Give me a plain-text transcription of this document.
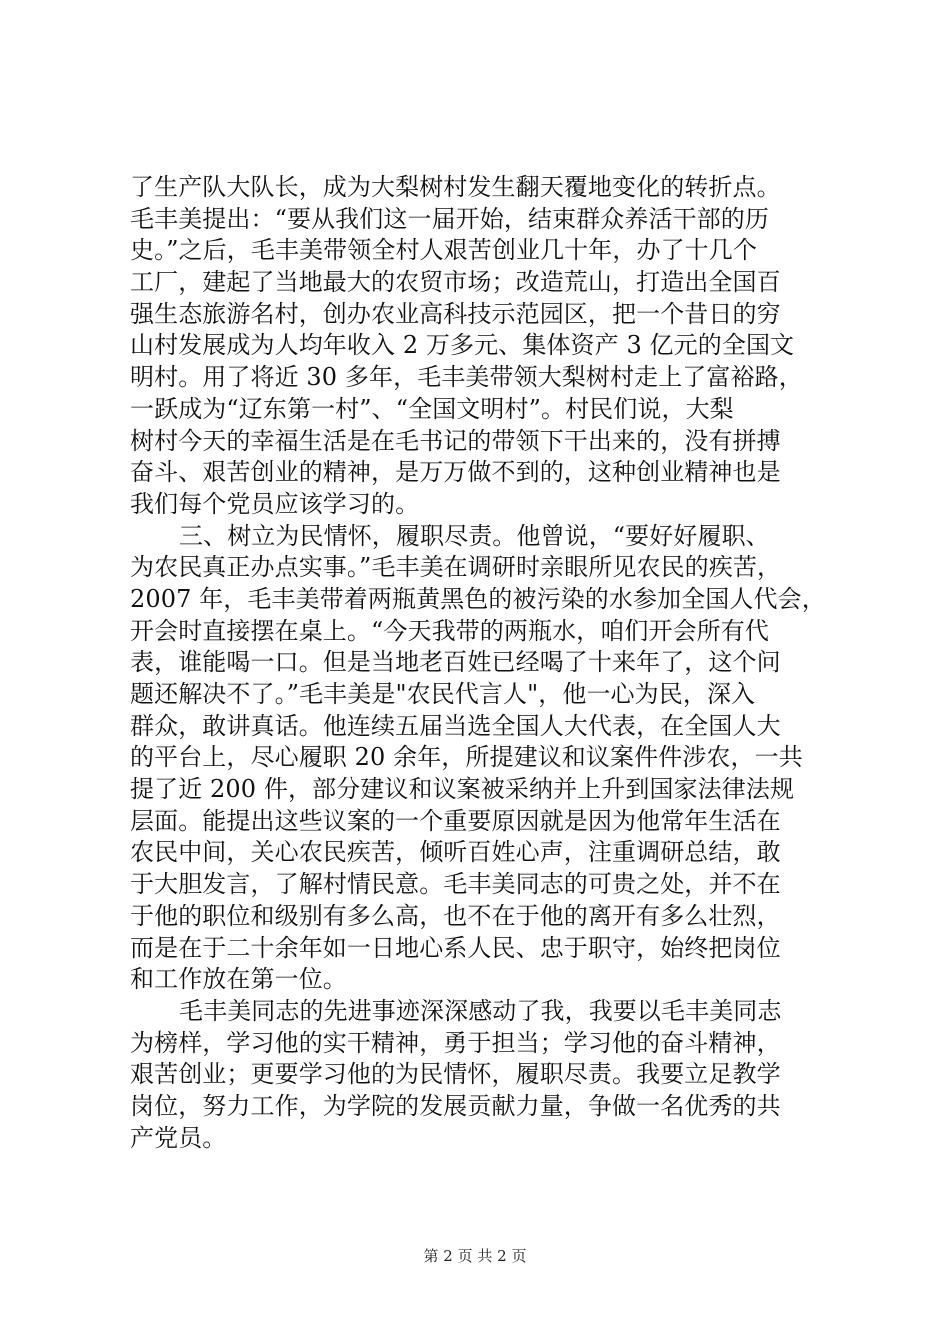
了生产队大队长，成为大梨树村发生翻天覆地变化的转折点。
毛丰美提出：“要从我们这一届开始，结束群众养活干部的历
史。”之后，毛丰美带领全村人艰苦创业几十年，办了十几个
工厂，建起了当地最大的农贸市场；改造荒山，打造出全国百
强生态旅游名村，创办农业高科技示范园区，把一个昔日的穷
山村发展成为人均年收入 2 万多元、集体资产 3 亿元的全国文
明村。用了将近 30 多年，毛丰美带领大梨树村走上了富裕路，
一跃成为“辽东第一村”、“全国文明村”。村民们说，大梨
树村今天的幸福生活是在毛书记的带领下干出来的，没有拼搏
奋斗、艰苦创业的精神，是万万做不到的，这种创业精神也是
我们每个党员应该学习的。
三、树立为民情怀，履职尽责。他曾说，“要好好履职、
为农民真正办点实事。”毛丰美在调研时亲眼所见农民的疾苦，
2007 年，毛丰美带着两瓶黄黑色的被污染的水参加全国人代会，
开会时直接摆在桌上。“今天我带的两瓶水，咱们开会所有代
表，谁能喝一口。但是当地老百姓已经喝了十来年了，这个问
题还解决不了。”毛丰美是"农民代言人"，他一心为民，深入
群众，敢讲真话。他连续五届当选全国人大代表，在全国人大
的平台上，尽心履职 20 余年，所提建议和议案件件涉农，一共
提了近 200 件，部分建议和议案被采纳并上升到国家法律法规
层面。能提出这些议案的一个重要原因就是因为他常年生活在
农民中间，关心农民疾苦，倾听百姓心声，注重调研总结，敢
于大胆发言，了解村情民意。毛丰美同志的可贵之处，并不在
于他的职位和级别有多么高，也不在于他的离开有多么壮烈，
而是在于二十余年如一日地心系人民、忠于职守，始终把岗位
和工作放在第一位。
毛丰美同志的先进事迹深深感动了我，我要以毛丰美同志
为榜样，学习他的实干精神，勇于担当；学习他的奋斗精神，
艰苦创业；更要学习他的为民情怀，履职尽责。我要立足教学
岗位，努力工作，为学院的发展贡献力量，争做一名优秀的共
产党员。
第 2 页 共 2 页
